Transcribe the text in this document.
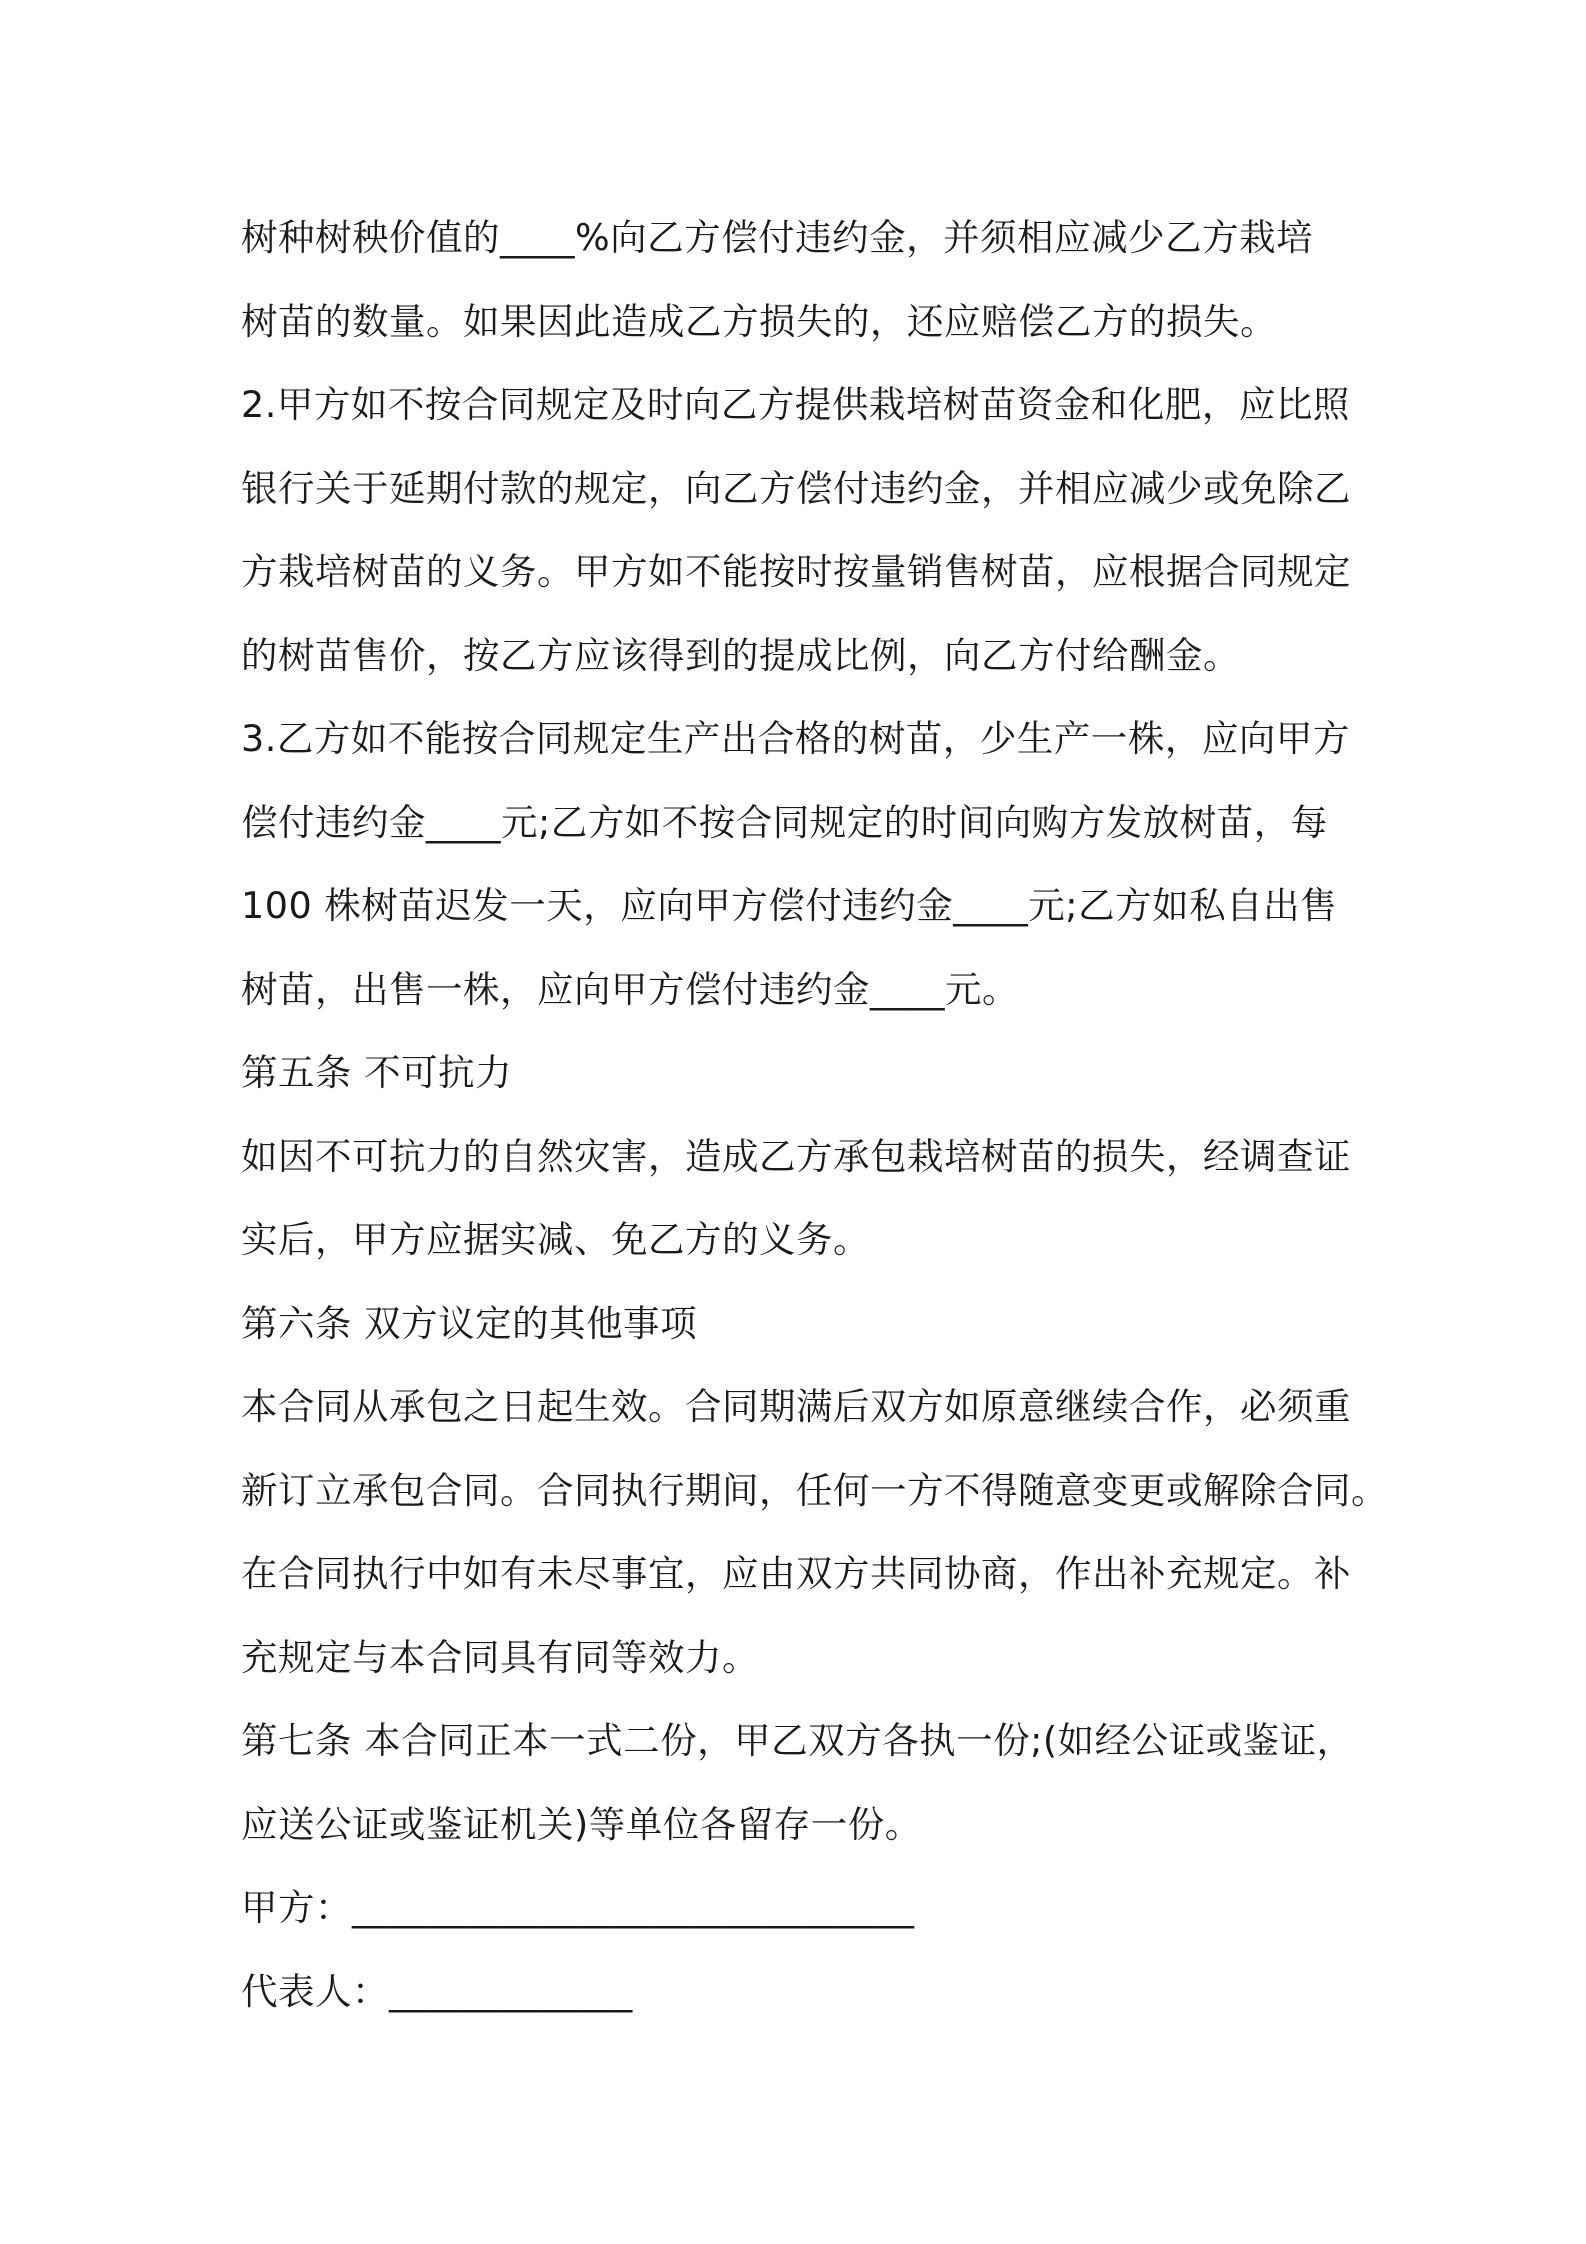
树种树秧价值的____%向乙方偿付违约金，并须相应减少乙方栽培
树苗的数量。如果因此造成乙方损失的，还应赔偿乙方的损失。
2.甲方如不按合同规定及时向乙方提供栽培树苗资金和化肥，应比照
银行关于延期付款的规定，向乙方偿付违约金，并相应减少或免除乙
方栽培树苗的义务。甲方如不能按时按量销售树苗，应根据合同规定
的树苗售价，按乙方应该得到的提成比例，向乙方付给酬金。
3.乙方如不能按合同规定生产出合格的树苗，少生产一株，应向甲方
偿付违约金____元;乙方如不按合同规定的时间向购方发放树苗，每
100 株树苗迟发一天，应向甲方偿付违约金____元;乙方如私自出售
树苗，出售一株，应向甲方偿付违约金____元。
第五条 不可抗力
如因不可抗力的自然灾害，造成乙方承包栽培树苗的损失，经调查证
实后，甲方应据实减、免乙方的义务。
第六条 双方议定的其他事项
本合同从承包之日起生效。合同期满后双方如原意继续合作，必须重
新订立承包合同。合同执行期间，任何一方不得随意变更或解除合同。
在合同执行中如有未尽事宜，应由双方共同协商，作出补充规定。补
充规定与本合同具有同等效力。
第七条 本合同正本一式二份，甲乙双方各执一份;(如经公证或鉴证，
应送公证或鉴证机关)等单位各留存一份。
甲方：______________________________
代表人：_____________
